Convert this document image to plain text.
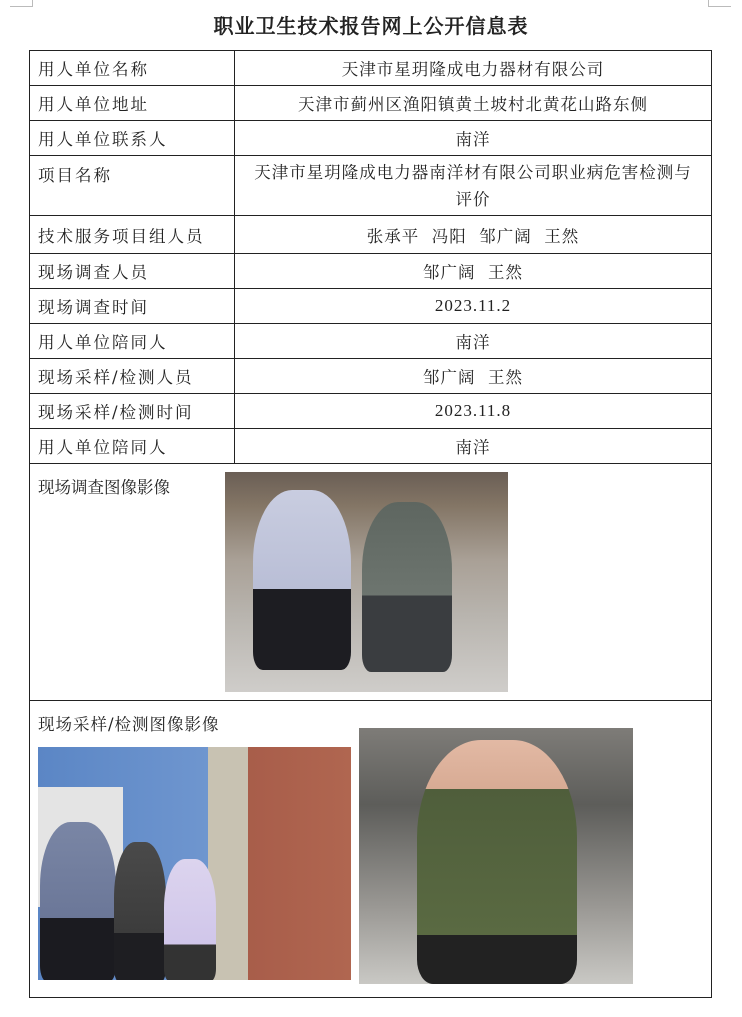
职业卫生技术报告网上公开信息表
用人单位名称	天津市星玥隆成电力器材有限公司
用人单位地址	天津市蓟州区渔阳镇黄土坡村北黄花山路东侧
用人单位联系人	南洋
项目名称	天津市星玥隆成电力器南洋材有限公司职业病危害检测与评价
技术服务项目组人员	张承平  冯阳  邹广阔  王然
现场调查人员	邹广阔  王然
现场调查时间	2023.11.2
用人单位陪同人	南洋
现场采样/检测人员	邹广阔  王然
现场采样/检测时间	2023.11.8
用人单位陪同人	南洋
现场调查图像影像	
现场采样/检测图像影像	
